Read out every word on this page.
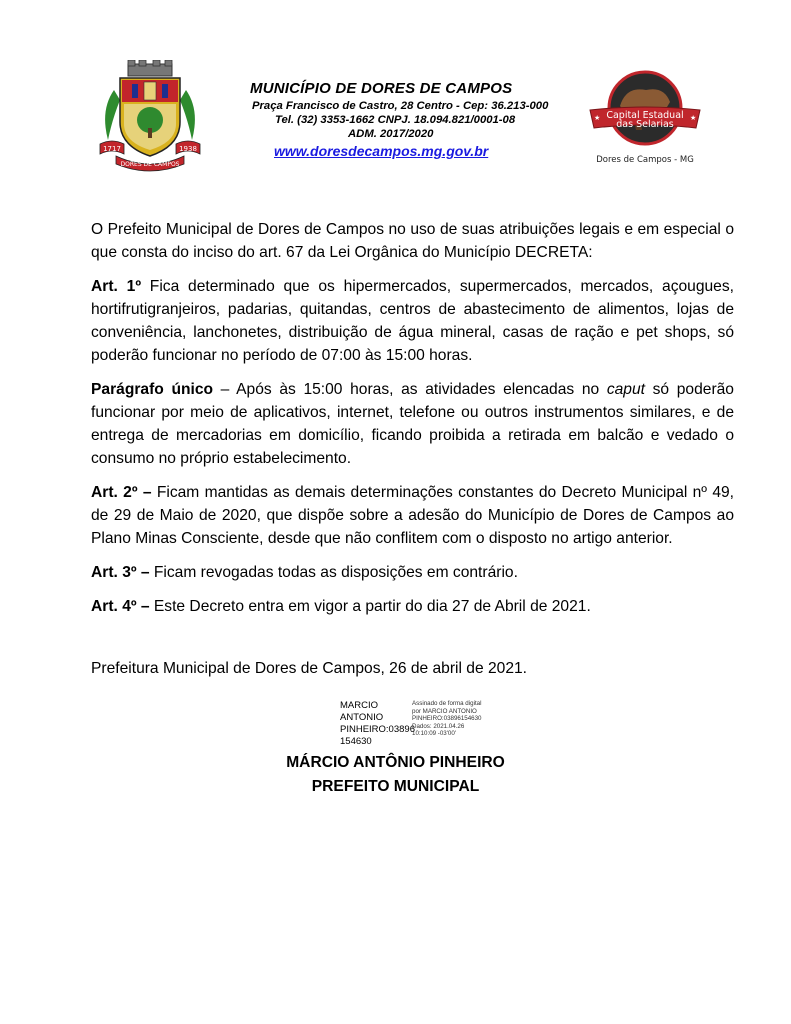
1717	1938
DORES DE CAMPOS
MUNICÍPIO DE DORES DE CAMPOS
Praça Francisco de Castro, 28 Centro - Cep: 36.213-000
Tel. (32) 3353-1662 CNPJ. 18.094.821/0001-08
ADM. 2017/2020
www.doresdecampos.mg.gov.br
Capital Estadual
das Selarias
★	★
Dores de Campos - MG

O Prefeito Municipal de Dores de Campos no uso de suas atribuições legais e em especial o que consta do inciso do art. 67 da Lei Orgânica do Município DECRETA:

Art. 1º Fica determinado que os hipermercados, supermercados, mercados, açougues, hortifrutigranjeiros, padarias, quitandas, centros de abastecimento de alimentos, lojas de conveniência, lanchonetes, distribuição de água mineral, casas de ração e pet shops, só poderão funcionar no período de 07:00 às 15:00 horas.

Parágrafo único – Após às 15:00 horas, as atividades elencadas no caput só poderão funcionar por meio de aplicativos, internet, telefone ou outros instrumentos similares, e de entrega de mercadorias em domicílio, ficando proibida a retirada em balcão e vedado o consumo no próprio estabelecimento.

Art. 2º – Ficam mantidas as demais determinações constantes do Decreto Municipal nº 49, de 29 de Maio de 2020, que dispõe sobre a adesão do Município de Dores de Campos ao Plano Minas Consciente, desde que não conflitem com o disposto no artigo anterior.

Art. 3º – Ficam revogadas todas as disposições em contrário.

Art. 4º – Este Decreto entra em vigor a partir do dia 27 de Abril de 2021.

Prefeitura Municipal de Dores de Campos, 26 de abril de 2021.
MARCIO
ANTONIO
PINHEIRO:03896
154630
Assinado de forma digital
por MARCIO ANTONIO
PINHEIRO:03896154630
Dados: 2021.04.26
10:10:09 -03'00'
MÁRCIO ANTÔNIO PINHEIRO
PREFEITO MUNICIPAL
